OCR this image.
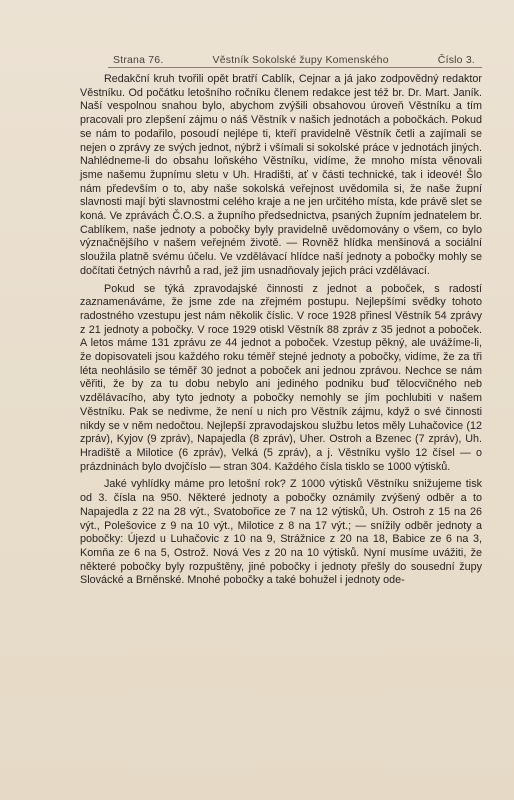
Strana 76.	Věstník Sokolské župy Komenského	Číslo 3.

Redakční kruh tvořili opět bratří Cablík, Cejnar a já jako zodpovědný redaktor Věstníku. Od počátku letošního ročníku členem redakce jest též br. Dr. Mart. Janík. Naší vespolnou snahou bylo, abychom zvýšili obsahovou úroveň Věstníku a tím pracovali pro zlepšení zájmu o náš Věstník v našich jednotách a pobočkách. Pokud se nám to podařilo, posoudí nejlépe ti, kteří pravidelně Věstník četli a zajímali se nejen o zprávy ze svých jednot, nýbrž i všímali si sokolské práce v jednotách jiných. Nahlédneme-li do obsahu loňského Věstníku, vidíme, že mnoho místa věnovali jsme našemu župnímu sletu v Uh. Hradišti, ať v části technické, tak i ideové! Šlo nám především o to, aby naše sokolská veřejnost uvědomila si, že naše župní slavnosti mají býti slavnostmi celého kraje a ne jen určitého místa, kde právě slet se koná. Ve zprávách Č.O.S. a župního předsednictva, psaných župním jednatelem br. Cablíkem, naše jednoty a pobočky byly pravidelně uvědomovány o všem, co bylo význačnějšího v našem veřejném životě. — Rovněž hlídka menšinová a sociální sloužila platně svému účelu. Ve vzdělávací hlídce naší jednoty a pobočky mohly se dočítati četných návrhů a rad, jež jim usnadňovaly jejich práci vzdělávací.

Pokud se týká zpravodajské činnosti z jednot a poboček, s radostí zaznamenáváme, že jsme zde na zřejmém postupu. Nejlepšími svědky tohoto radostného vzestupu jest nám několik číslic. V roce 1928 přinesl Věstník 54 zprávy z 21 jednoty a pobočky. V roce 1929 otiskl Věstník 88 zpráv z 35 jednot a poboček. A letos máme 131 zprávu ze 44 jednot a poboček. Vzestup pěkný, ale uvážíme-li, že dopisovateli jsou každého roku téměř stejné jednoty a pobočky, vidíme, že za tři léta neohlásilo se téměř 30 jednot a poboček ani jednou zprávou. Nechce se nám věřiti, že by za tu dobu nebylo ani jediného podniku buď tělocvičného neb vzdělávacího, aby tyto jednoty a pobočky nemohly se jím pochlubiti v našem Věstníku. Pak se nedivme, že není u nich pro Věstník zájmu, když o své činnosti nikdy se v něm nedočtou. Nejlepší zpravodajskou službu letos měly Luhačovice (12 zpráv), Kyjov (9 zpráv), Napajedla (8 zpráv), Uher. Ostroh a Bzenec (7 zpráv), Uh. Hradiště a Milotice (6 zpráv), Velká (5 zpráv), a j. Věstníku vyšlo 12 čísel — o prázdninách bylo dvojčíslo — stran 304. Každého čísla tisklo se 1000 výtisků.

Jaké vyhlídky máme pro letošní rok? Z 1000 výtisků Věstníku snižujeme tisk od 3. čísla na 950. Některé jednoty a pobočky oznámily zvýšený odběr a to Napajedla z 22 na 28 výt., Svatobořice ze 7 na 12 výtisků, Uh. Ostroh z 15 na 26 výt., Polešovice z 9 na 10 výt., Milotice z 8 na 17 výt.; — snížily odběr jednoty a pobočky: Újezd u Luhačovic z 10 na 9, Strážnice z 20 na 18, Babice ze 6 na 3, Komňa ze 6 na 5, Ostrož. Nová Ves z 20 na 10 výtisků. Nyní musíme uvážiti, že některé pobočky byly rozpuštěny, jiné pobočky i jednoty přešly do sousední župy Slovácké a Brněnské. Mnohé pobočky a také bohužel i jednoty ode-
